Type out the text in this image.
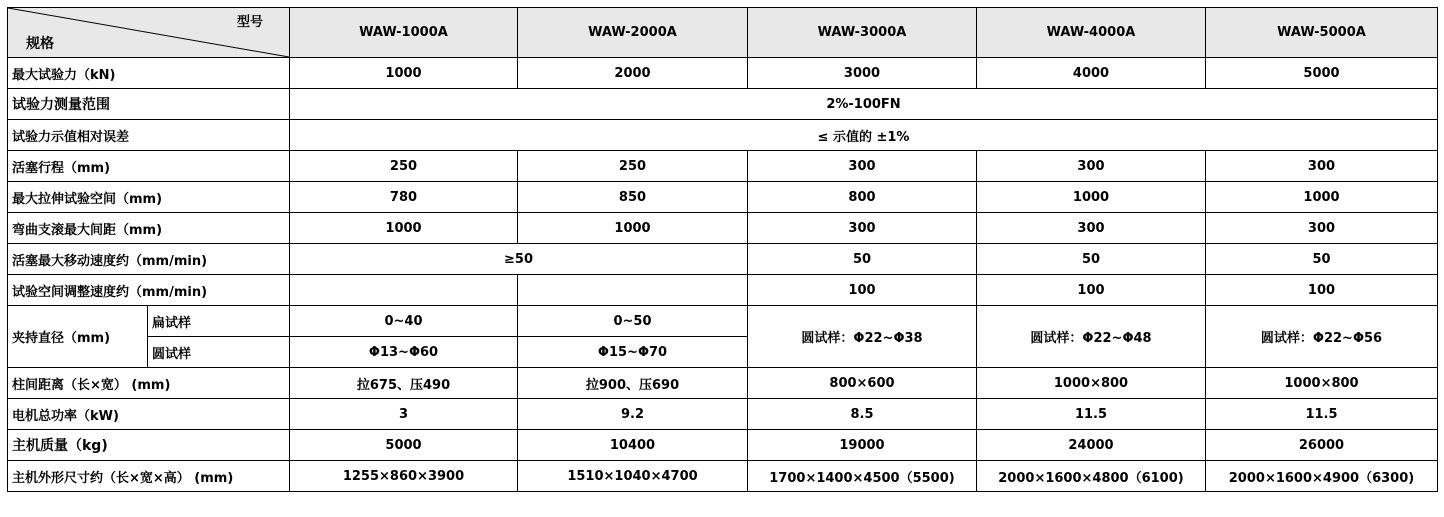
型号
规格		WAW-1000A	WAW-2000A	WAW-3000A	WAW-4000A	WAW-5000A
最大试验力（kN)		1000	2000	3000	4000	5000
试验力测量范围		2%-100FN				
试验力示值相对误差		≤ 示值的 ±1%				
活塞行程（mm)		250	250	300	300	300
最大拉伸试验空间（mm)		780	850	800	1000	1000
弯曲支滚最大间距（mm)		1000	1000	300	300	300
活塞最大移动速度约（mm/min)		≥50		50	50	50
试验空间调整速度约（mm/min)				100	100	100
夹持直径（mm)	扁试样	0~40	0~50	圆试样：Φ22~Φ38	圆试样：Φ22~Φ48	圆试样：Φ22~Φ56
	圆试样	Φ13~Φ60	Φ15~Φ70			
柱间距离（长×宽） (mm)		拉675、压490	拉900、压690	800×600	1000×800	1000×800
电机总功率（kW)		3	9.2	8.5	11.5	11.5
主机质量（kg)		5000	10400	19000	24000	26000
主机外形尺寸约（长×宽×高） (mm)		1255×860×3900	1510×1040×4700	1700×1400×4500（5500)	2000×1600×4800（6100)	2000×1600×4900（6300)
